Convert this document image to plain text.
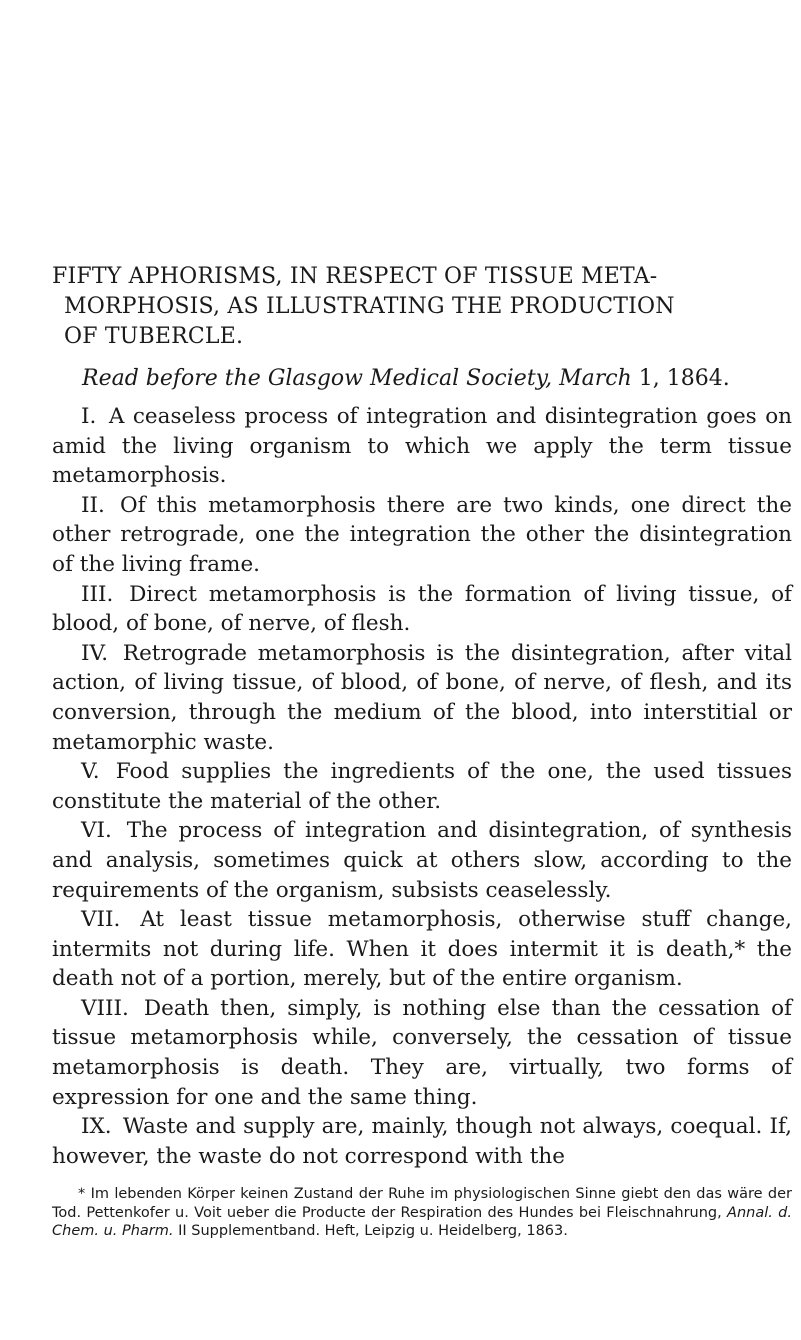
FIFTY APHORISMS, IN RESPECT OF TISSUE META-
MORPHOSIS, AS ILLUSTRATING THE PRODUCTION
OF TUBERCLE.
Read before the Glasgow Medical Society, March 1, 1864.

I. A ceaseless process of integration and disintegration goes on amid the living organism to which we apply the term tissue metamorphosis.

II. Of this metamorphosis there are two kinds, one direct the other retrograde, one the integration the other the disintegration of the living frame.

III. Direct metamorphosis is the formation of living tissue, of blood, of bone, of nerve, of flesh.

IV. Retrograde metamorphosis is the disintegration, after vital action, of living tissue, of blood, of bone, of nerve, of flesh, and its conversion, through the medium of the blood, into interstitial or metamorphic waste.

V. Food supplies the ingredients of the one, the used tissues constitute the material of the other.

VI. The process of integration and disintegration, of synthesis and analysis, sometimes quick at others slow, according to the requirements of the organism, subsists ceaselessly.

VII. At least tissue metamorphosis, otherwise stuff change, intermits not during life. When it does intermit it is death,* the death not of a portion, merely, but of the entire organism.

VIII. Death then, simply, is nothing else than the cessation of tissue metamorphosis while, conversely, the cessation of tissue metamorphosis is death. They are, virtually, two forms of expression for one and the same thing.

IX. Waste and supply are, mainly, though not always, coequal. If, however, the waste do not correspond with the

* Im lebenden Körper keinen Zustand der Ruhe im physiologischen Sinne giebt den das wäre der Tod. Pettenkofer u. Voit ueber die Producte der Respiration des Hundes bei Fleischnahrung, Annal. d. Chem. u. Pharm. II Supplementband. Heft, Leipzig u. Heidelberg, 1863.
